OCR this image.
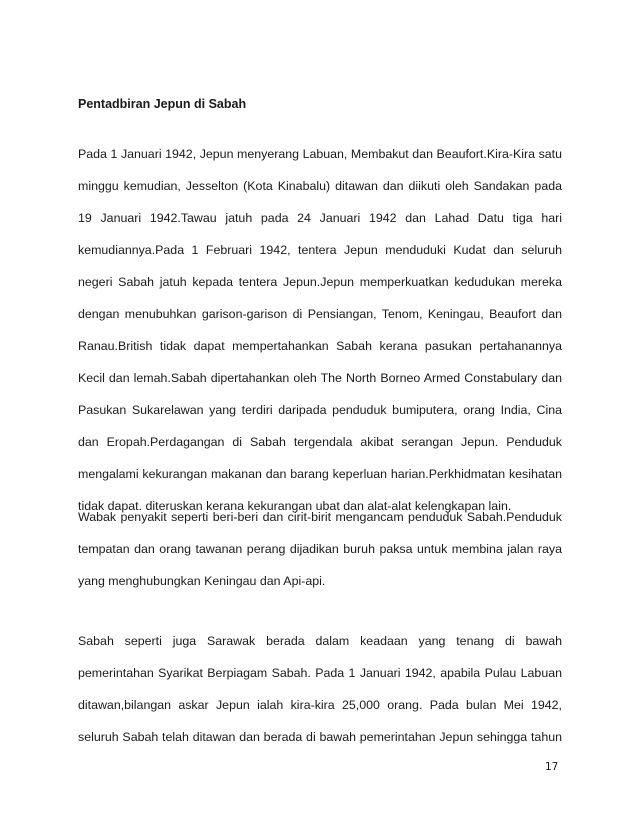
Pentadbiran Jepun di Sabah
Pada 1 Januari 1942, Jepun menyerang Labuan, Membakut dan Beaufort.Kira-Kira satu
minggu kemudian, Jesselton (Kota Kinabalu) ditawan dan diikuti oleh Sandakan pada
19 Januari 1942.Tawau jatuh pada 24 Januari 1942 dan Lahad Datu tiga hari
kemudiannya.Pada 1 Februari 1942, tentera Jepun menduduki Kudat dan seluruh
negeri Sabah jatuh kepada tentera Jepun.Jepun memperkuatkan kedudukan mereka
dengan menubuhkan garison-garison di Pensiangan, Tenom, Keningau, Beaufort dan
Ranau.British tidak dapat mempertahankan Sabah kerana pasukan pertahanannya
Kecil dan lemah.Sabah dipertahankan oleh The North Borneo Armed Constabulary dan
Pasukan Sukarelawan yang terdiri daripada penduduk bumiputera, orang India, Cina
dan Eropah.Perdagangan di Sabah tergendala akibat serangan Jepun. Penduduk
mengalami kekurangan makanan dan barang keperluan harian.Perkhidmatan kesihatan
tidak dapat. diteruskan kerana kekurangan ubat dan alat-alat kelengkapan lain.
Wabak penyakit seperti beri-beri dan cirit-birit mengancam penduduk Sabah.Penduduk
tempatan dan orang tawanan perang dijadikan buruh paksa untuk membina jalan raya
yang menghubungkan Keningau dan Api-api.
Sabah seperti juga Sarawak berada dalam keadaan yang tenang di bawah
pemerintahan Syarikat Berpiagam Sabah. Pada 1 Januari 1942, apabila Pulau Labuan
ditawan,bilangan askar Jepun ialah kira-kira 25,000 orang. Pada bulan Mei 1942,
seluruh Sabah telah ditawan dan berada di bawah pemerintahan Jepun sehingga tahun
17
